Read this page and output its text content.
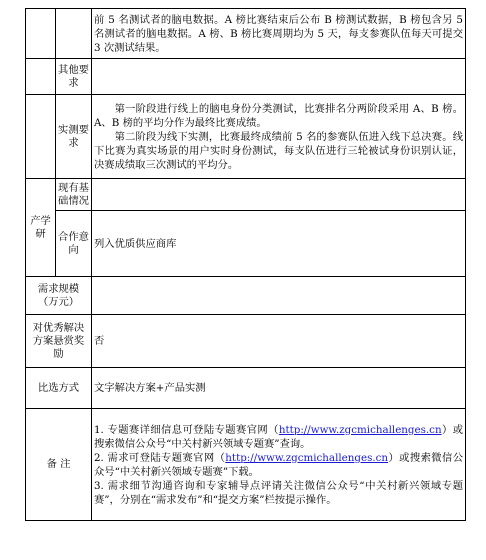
		前 5 名测试者的脑电数据。A 榜比赛结束后公布 B 榜测试数据，B 榜包含另 5 名测试者的脑电数据。A 榜、B 榜比赛周期均为 5 天，每支参赛队伍每天可提交 3 次测试结果。
	其他要求	
	实测要求	第一阶段进行线上的脑电身份分类测试，比赛排名分两阶段采用 A、B 榜。A、B 榜的平均分作为最终比赛成绩。
第二阶段为线下实测，比赛最终成绩前 5 名的参赛队伍进入线下总决赛。线下比赛为真实场景的用户实时身份测试，每支队伍进行三轮被试身份识别认证，决赛成绩取三次测试的平均分。

产学研	现有基础情况	
	合作意向	列入优质供应商库
需求规模（万元）		
对优秀解决方案悬赏奖励		否
比选方式		文字解决方案+产品实测
备 注		1. 专题赛详细信息可登陆专题赛官网（http://www.zgcmichallenges.cn）或搜索微信公众号“中关村新兴领域专题赛”查询。
2. 需求可登陆专题赛官网（http://www.zgcmichallenges.cn）或搜索微信公众号“中关村新兴领域专题赛”下载。
3. 需求细节沟通咨询和专家辅导点评请关注微信公众号“中关村新兴领域专题赛”，分别在“需求发布”和“提交方案”栏按提示操作。
